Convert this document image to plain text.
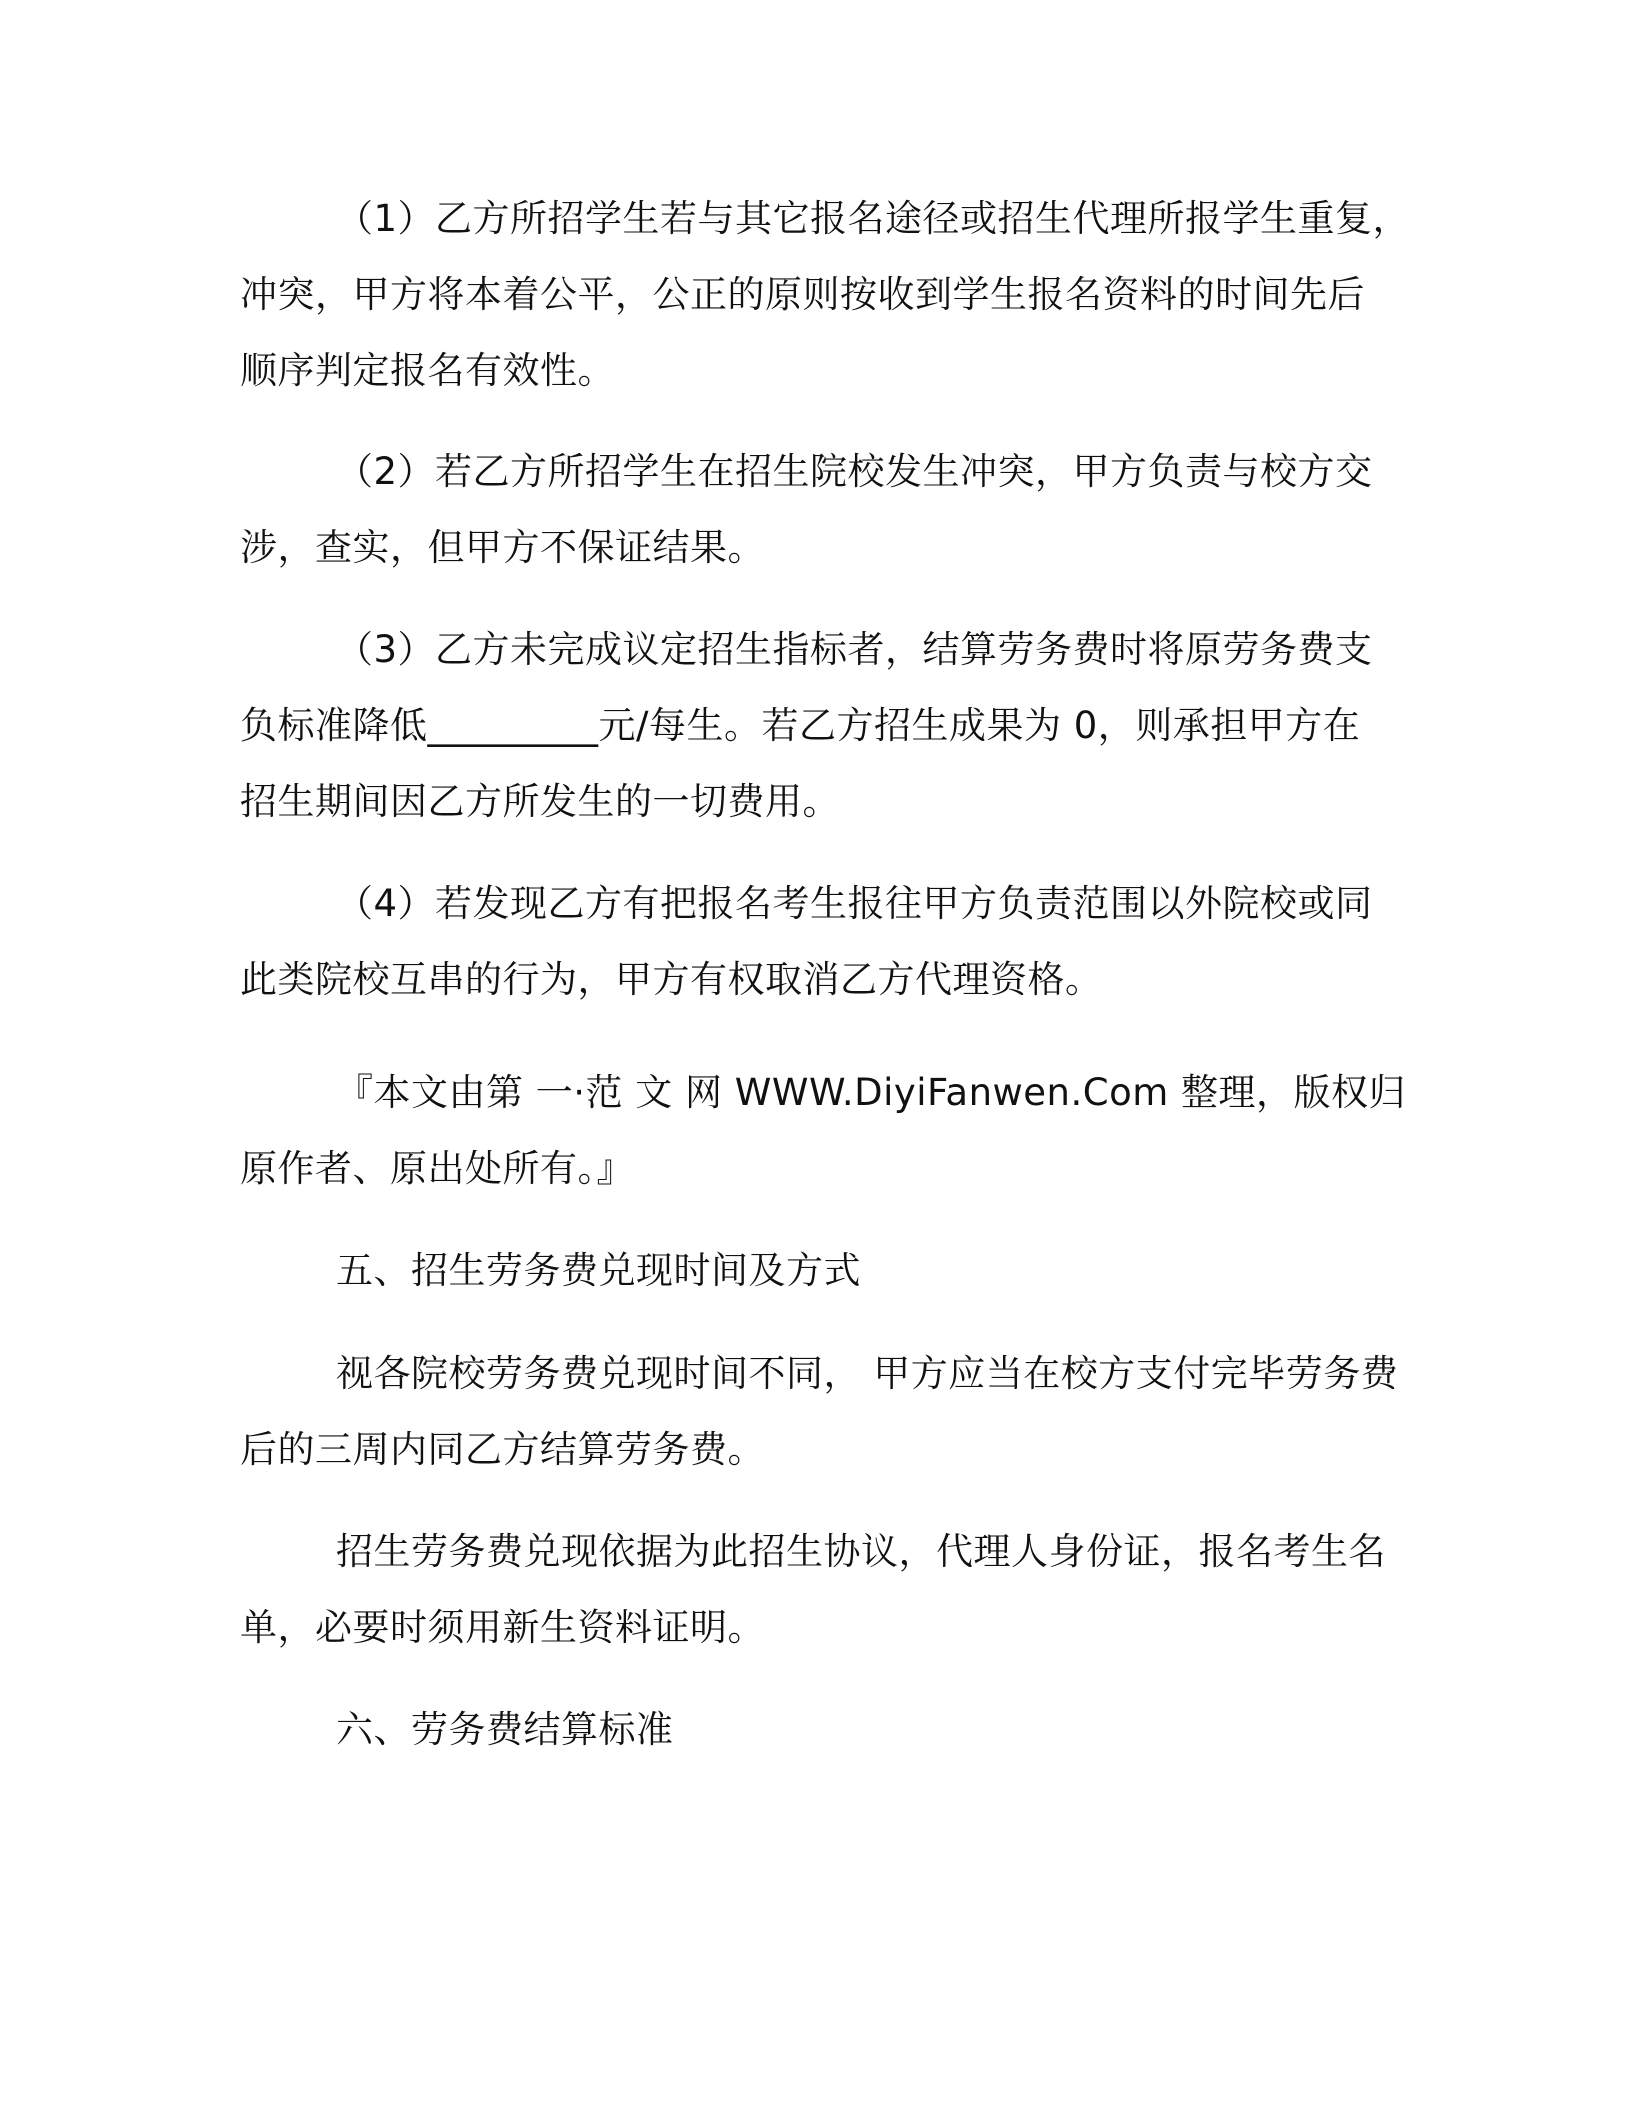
（1）乙方所招学生若与其它报名途径或招生代理所报学生重复，
冲突，甲方将本着公平，公正的原则按收到学生报名资料的时间先后
顺序判定报名有效性。

（2）若乙方所招学生在招生院校发生冲突，甲方负责与校方交
涉，查实，但甲方不保证结果。

（3）乙方未完成议定招生指标者，结算劳务费时将原劳务费支
负标准降低_________元/每生。若乙方招生成果为 0，则承担甲方在
招生期间因乙方所发生的一切费用。

（4）若发现乙方有把报名考生报往甲方负责范围以外院校或同
此类院校互串的行为，甲方有权取消乙方代理资格。

『本文由第 一·范 文 网 WWW.DiyiFanwen.Com 整理，版权归
原作者、原出处所有。』

五、招生劳务费兑现时间及方式

视各院校劳务费兑现时间不同， 甲方应当在校方支付完毕劳务费
后的三周内同乙方结算劳务费。

招生劳务费兑现依据为此招生协议，代理人身份证，报名考生名
单，必要时须用新生资料证明。

六、劳务费结算标准
